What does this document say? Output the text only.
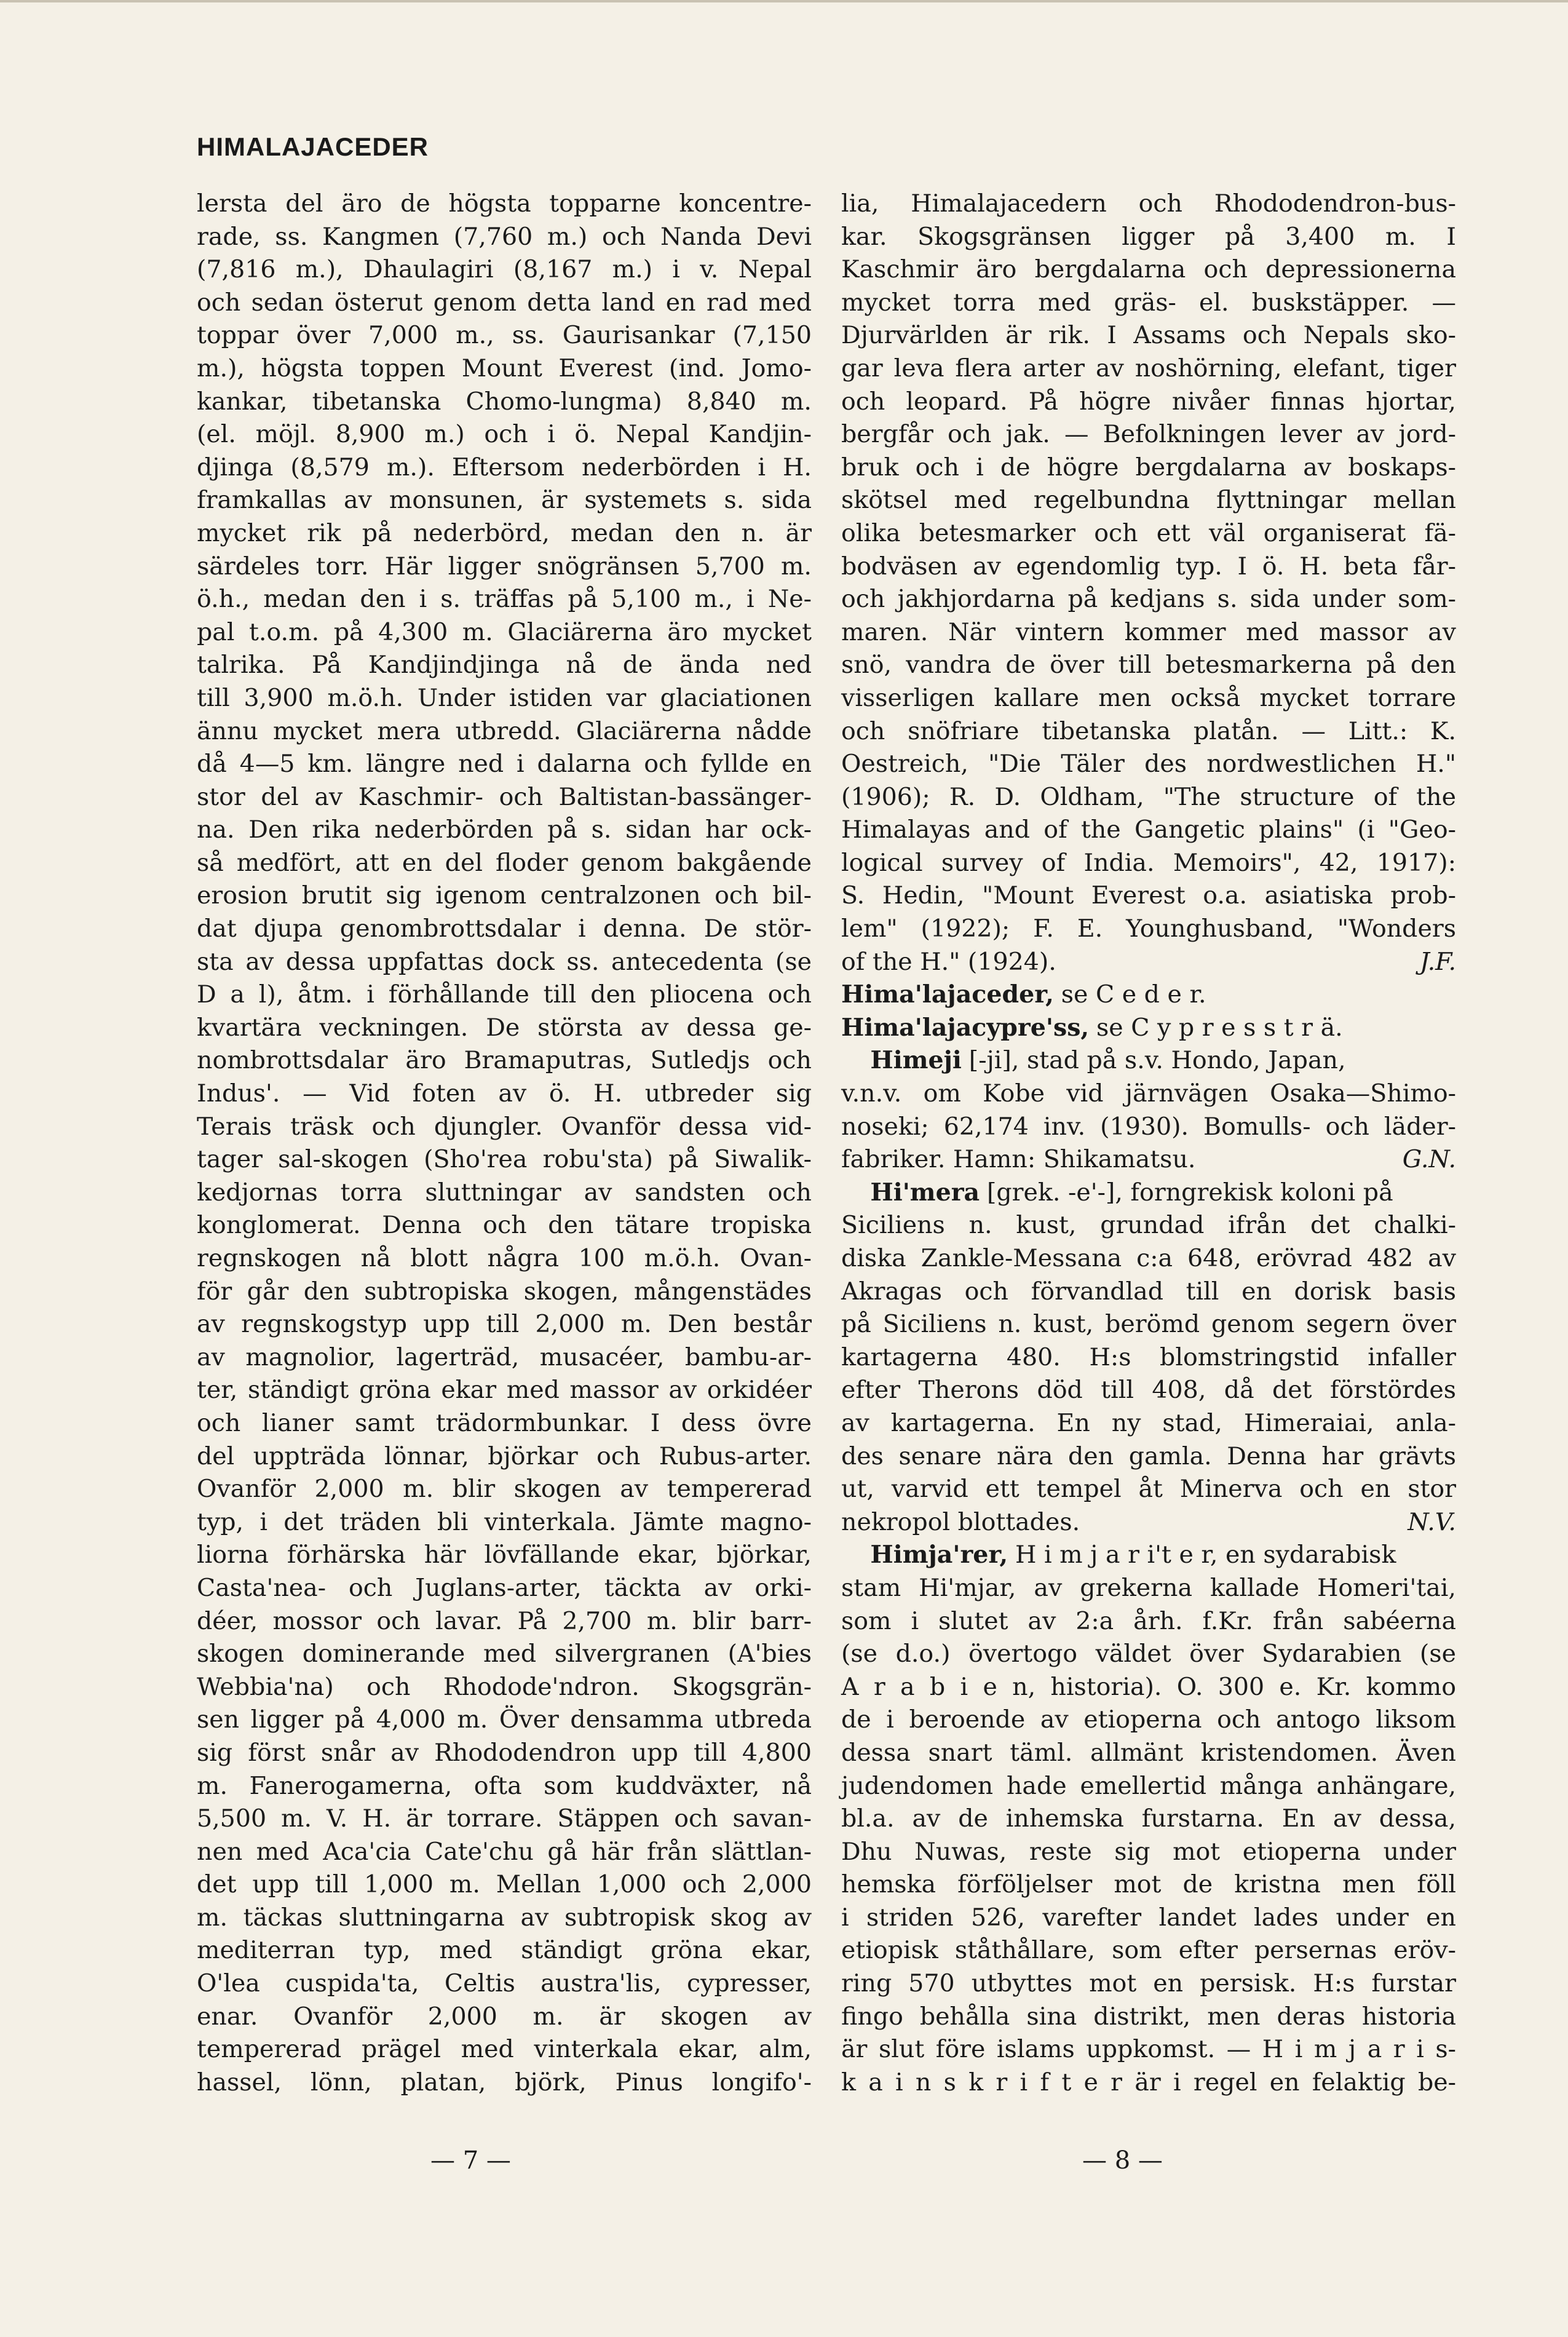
HIMALAJACEDER
lersta del äro de högsta topparne koncentre-
rade, ss. Kangmen (7,760 m.) och Nanda Devi
(7,816 m.), Dhaulagiri (8,167 m.) i v. Nepal
och sedan österut genom detta land en rad med
toppar över 7,000 m., ss. Gaurisankar (7,150
m.), högsta toppen Mount Everest (ind. Jomo-
kankar, tibetanska Chomo-lungma) 8,840 m.
(el. möjl. 8,900 m.) och i ö. Nepal Kandjin-
djinga (8,579 m.). Eftersom nederbörden i H.
framkallas av monsunen, är systemets s. sida
mycket rik på nederbörd, medan den n. är
särdeles torr. Här ligger snögränsen 5,700 m.
ö.h., medan den i s. träffas på 5,100 m., i Ne-
pal t.o.m. på 4,300 m. Glaciärerna äro mycket
talrika. På Kandjindjinga nå de ända ned
till 3,900 m.ö.h. Under istiden var glaciationen
ännu mycket mera utbredd. Glaciärerna nådde
då 4—5 km. längre ned i dalarna och fyllde en
stor del av Kaschmir- och Baltistan-bassänger-
na. Den rika nederbörden på s. sidan har ock-
så medfört, att en del floder genom bakgående
erosion brutit sig igenom centralzonen och bil-
dat djupa genombrottsdalar i denna. De stör-
sta av dessa uppfattas dock ss. antecedenta (se
D a l), åtm. i förhållande till den pliocena och
kvartära veckningen. De största av dessa ge-
nombrottsdalar äro Bramaputras, Sutledjs och
Indus'. — Vid foten av ö. H. utbreder sig
Terais träsk och djungler. Ovanför dessa vid-
tager sal-skogen (Sho'rea robu'sta) på Siwalik-
kedjornas torra sluttningar av sandsten och
konglomerat. Denna och den tätare tropiska
regnskogen nå blott några 100 m.ö.h. Ovan-
för går den subtropiska skogen, mångenstädes
av regnskogstyp upp till 2,000 m. Den består
av magnolior, lagerträd, musacéer, bambu-ar-
ter, ständigt gröna ekar med massor av orkidéer
och lianer samt trädormbunkar. I dess övre
del uppträda lönnar, björkar och Rubus-arter.
Ovanför 2,000 m. blir skogen av tempererad
typ, i det träden bli vinterkala. Jämte magno-
liorna förhärska här lövfällande ekar, björkar,
Casta'nea- och Juglans-arter, täckta av orki-
déer, mossor och lavar. På 2,700 m. blir barr-
skogen dominerande med silvergranen (A'bies
Webbia'na) och Rhodode'ndron. Skogsgrän-
sen ligger på 4,000 m. Över densamma utbreda
sig först snår av Rhododendron upp till 4,800
m. Fanerogamerna, ofta som kuddväxter, nå
5,500 m. V. H. är torrare. Stäppen och savan-
nen med Aca'cia Cate'chu gå här från slättlan-
det upp till 1,000 m. Mellan 1,000 och 2,000
m. täckas sluttningarna av subtropisk skog av
mediterran typ, med ständigt gröna ekar,
O'lea cuspida'ta, Celtis austra'lis, cypresser,
enar. Ovanför 2,000 m. är skogen av
tempererad prägel med vinterkala ekar, alm,
hassel, lönn, platan, björk, Pinus longifo'-
lia, Himalajacedern och Rhododendron-bus-
kar. Skogsgränsen ligger på 3,400 m. I
Kaschmir äro bergdalarna och depressionerna
mycket torra med gräs- el. buskstäpper. —
Djurvärlden är rik. I Assams och Nepals sko-
gar leva flera arter av noshörning, elefant, tiger
och leopard. På högre nivåer finnas hjortar,
bergfår och jak. — Befolkningen lever av jord-
bruk och i de högre bergdalarna av boskaps-
skötsel med regelbundna flyttningar mellan
olika betesmarker och ett väl organiserat fä-
bodväsen av egendomlig typ. I ö. H. beta får-
och jakhjordarna på kedjans s. sida under som-
maren. När vintern kommer med massor av
snö, vandra de över till betesmarkerna på den
visserligen kallare men också mycket torrare
och snöfriare tibetanska platån. — Litt.: K.
Oestreich, "Die Täler des nordwestlichen H."
(1906); R. D. Oldham, "The structure of the
Himalayas and of the Gangetic plains" (i "Geo-
logical survey of India. Memoirs", 42, 1917):
S. Hedin, "Mount Everest o.a. asiatiska prob-
lem" (1922); F. E. Younghusband, "Wonders
of the H." (1924).	J.F.
Hima'lajaceder, se C e d e r.
Hima'lajacypre'ss, se C y p r e s s t r ä.
Himeji [-ji], stad på s.v. Hondo, Japan,
v.n.v. om Kobe vid järnvägen Osaka—Shimo-
noseki; 62,174 inv. (1930). Bomulls- och läder-
fabriker. Hamn: Shikamatsu.	G.N.
Hi'mera [grek. -e'-], forngrekisk koloni på
Siciliens n. kust, grundad ifrån det chalki-
diska Zankle-Messana c:a 648, erövrad 482 av
Akragas och förvandlad till en dorisk basis
på Siciliens n. kust, berömd genom segern över
kartagerna 480. H:s blomstringstid infaller
efter Therons död till 408, då det förstördes
av kartagerna. En ny stad, Himeraiai, anla-
des senare nära den gamla. Denna har grävts
ut, varvid ett tempel åt Minerva och en stor
nekropol blottades.	N.V.
Himja'rer, H i m j a r i't e r, en sydarabisk
stam Hi'mjar, av grekerna kallade Homeri'tai,
som i slutet av 2:a årh. f.Kr. från sabéerna
(se d.o.) övertogo väldet över Sydarabien (se
A r a b i e n, historia). O. 300 e. Kr. kommo
de i beroende av etioperna och antogo liksom
dessa snart täml. allmänt kristendomen. Även
judendomen hade emellertid många anhängare,
bl.a. av de inhemska furstarna. En av dessa,
Dhu Nuwas, reste sig mot etioperna under
hemska förföljelser mot de kristna men föll
i striden 526, varefter landet lades under en
etiopisk ståthållare, som efter persernas eröv-
ring 570 utbyttes mot en persisk. H:s furstar
fingo behålla sina distrikt, men deras historia
är slut före islams uppkomst. — H i m j a r i s-
k a i n s k r i f t e r är i regel en felaktig be-
— 7 —	— 8 —
